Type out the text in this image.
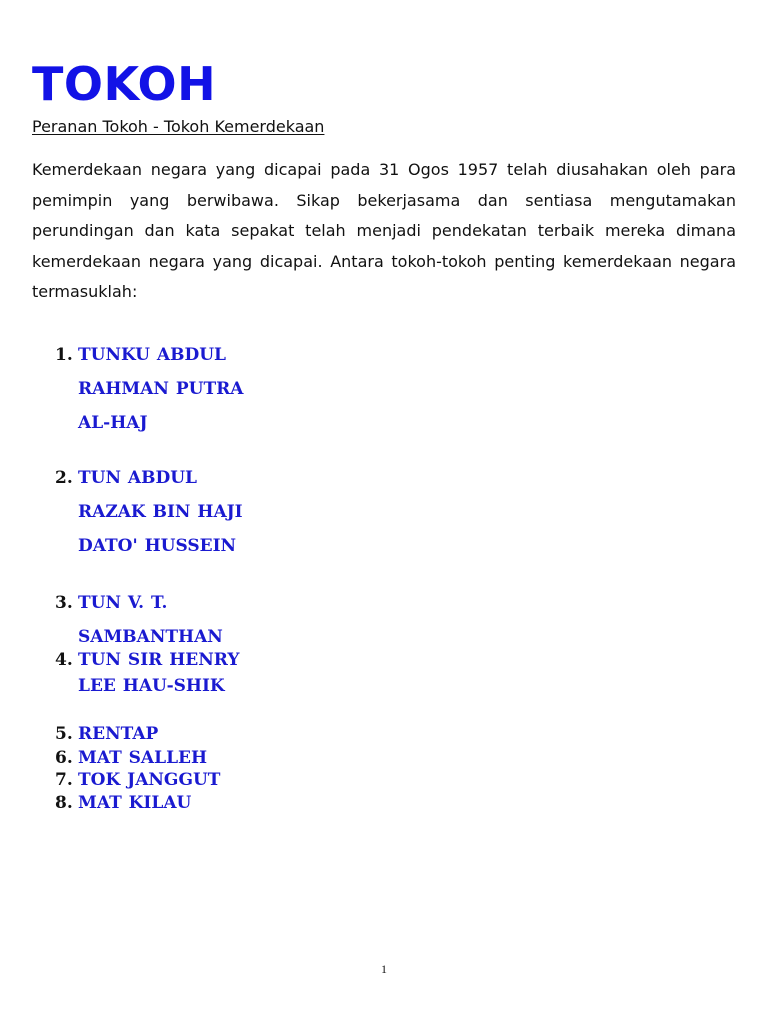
TOKOH

Peranan Tokoh - Tokoh Kemerdekaan

Kemerdekaan negara yang dicapai pada 31 Ogos 1957 telah diusahakan oleh para pemimpin yang berwibawa. Sikap bekerjasama dan sentiasa mengutamakan perundingan dan kata sepakat telah menjadi pendekatan terbaik mereka dimana kemerdekaan negara yang dicapai. Antara tokoh-tokoh penting kemerdekaan negara termasuklah:

1. TUNKU ABDUL RAHMAN PUTRA AL-HAJ

2. TUN ABDUL RAZAK BIN HAJI DATO' HUSSEIN

3. TUN V. T. SAMBANTHAN

4. TUN SIR HENRY LEE HAU-SHIK

5. RENTAP

6. MAT SALLEH

7. TOK JANGGUT

8. MAT KILAU

1
